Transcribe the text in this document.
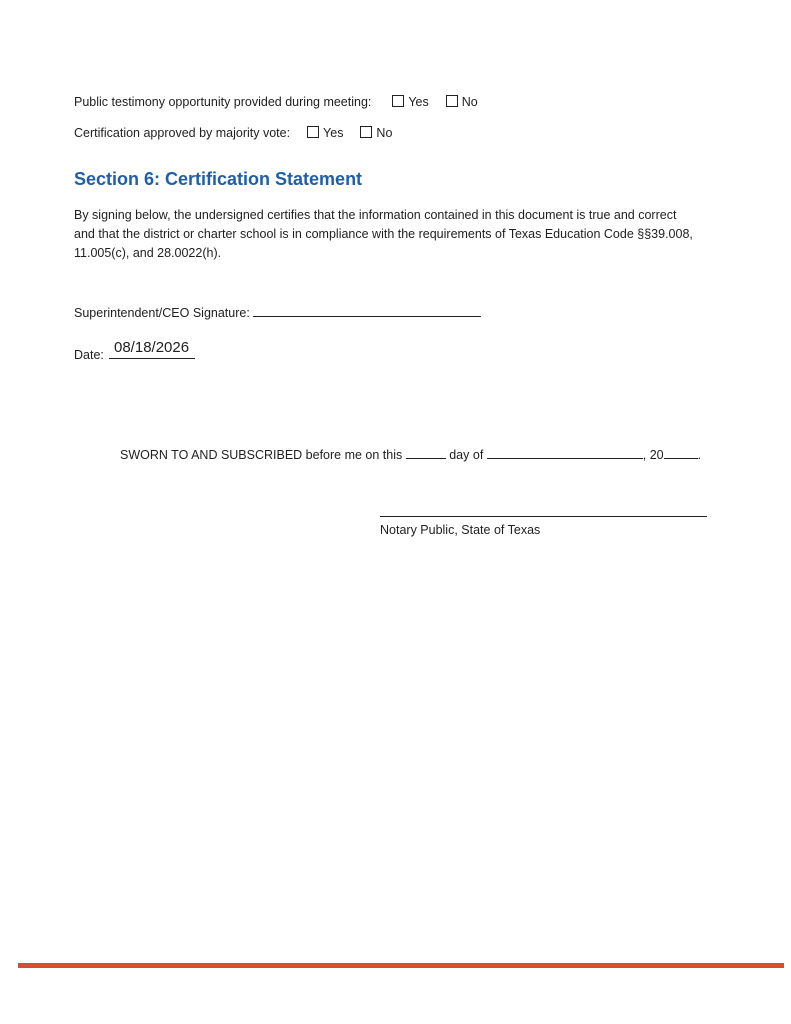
Public testimony opportunity provided during meeting:	Yes	No
Certification approved by majority vote:	Yes	No
Section 6: Certification Statement
By signing below, the undersigned certifies that the information contained in this document is true and correct
and that the district or charter school is in compliance with the requirements of Texas Education Code §§39.008,
11.005(c), and 28.0022(h).
Superintendent/CEO Signature:
Date: 08/18/2026
SWORN TO AND SUBSCRIBED before me on this	day of	, 20	.
Notary Public, State of Texas
